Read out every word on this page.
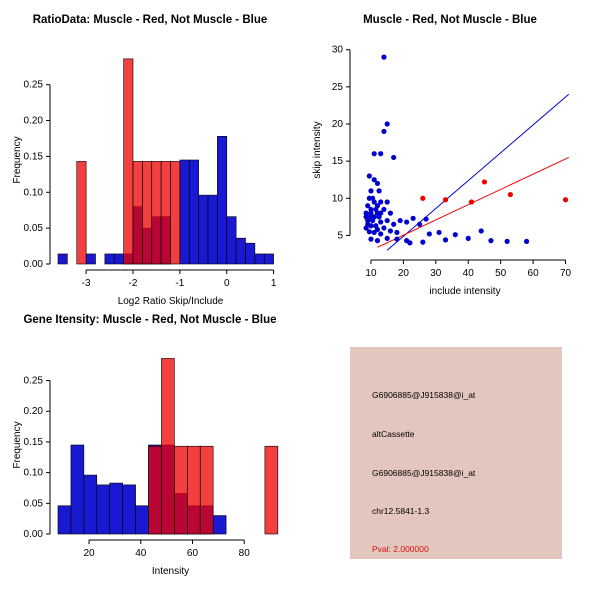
RatioData: Muscle - Red, Not Muscle - Blue
-3	-2	-1	0	1
0.00
0.05
0.10
0.15
0.20
0.25
Log2 Ratio Skip/Include
Frequency
Muscle - Red, Not Muscle - Blue
10 20 30 40 50 60 70
5
10
15
20
25
30
include intensity
skip intensity
Gene Itensity: Muscle - Red, Not Muscle - Blue
20	40	60	80
0.00
0.05
0.10
0.15
0.20
0.25
Intensity
Frequency
G6906885@J915838@i_at
altCassette
G6906885@J915838@i_at
chr12.5841-1.3
Pval: 2.000000
